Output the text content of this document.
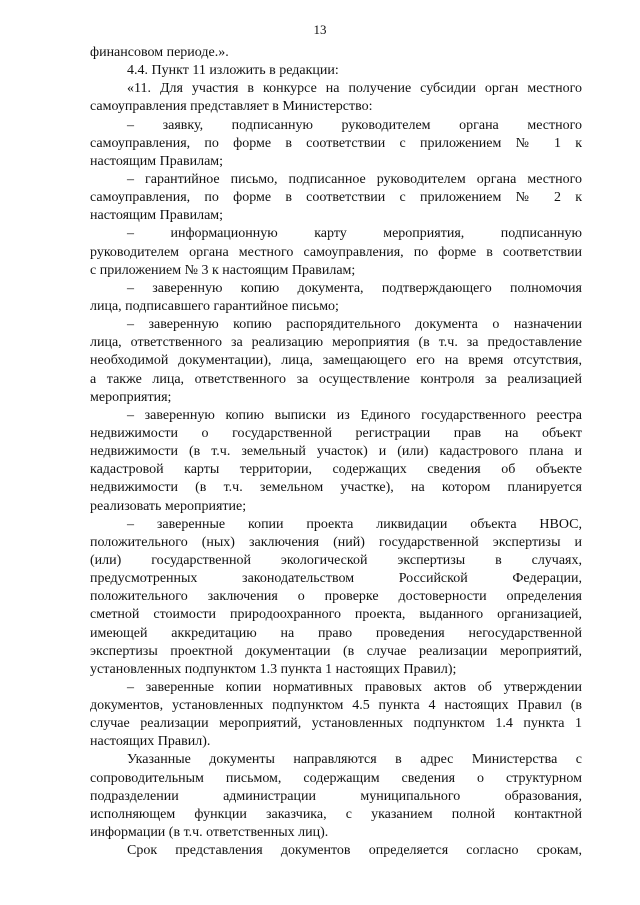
13
финансовом периоде.».
4.4. Пункт 11 изложить в редакции:
«11. Для участия в конкурсе на получение субсидии орган местного
самоуправления представляет в Министерство:
– заявку, подписанную руководителем органа местного
самоуправления, по форме в соответствии с приложением № 1 к
настоящим Правилам;
– гарантийное письмо, подписанное руководителем органа местного
самоуправления, по форме в соответствии с приложением № 2 к
настоящим Правилам;
– информационную карту мероприятия, подписанную
руководителем органа местного самоуправления, по форме в соответствии
с приложением № 3 к настоящим Правилам;
– заверенную копию документа, подтверждающего полномочия
лица, подписавшего гарантийное письмо;
– заверенную копию распорядительного документа о назначении
лица, ответственного за реализацию мероприятия (в т.ч. за предоставление
необходимой документации), лица, замещающего его на время отсутствия,
а также лица, ответственного за осуществление контроля за реализацией
мероприятия;
– заверенную копию выписки из Единого государственного реестра
недвижимости о государственной регистрации прав на объект
недвижимости (в т.ч. земельный участок) и (или) кадастрового плана и
кадастровой карты территории, содержащих сведения об объекте
недвижимости (в т.ч. земельном участке), на котором планируется
реализовать мероприятие;
– заверенные копии проекта ликвидации объекта НВОС,
положительного (ных) заключения (ний) государственной экспертизы и
(или) государственной экологической экспертизы в случаях,
предусмотренных законодательством Российской Федерации,
положительного заключения о проверке достоверности определения
сметной стоимости природоохранного проекта, выданного организацией,
имеющей аккредитацию на право проведения негосударственной
экспертизы проектной документации (в случае реализации мероприятий,
установленных подпунктом 1.3 пункта 1 настоящих Правил);
– заверенные копии нормативных правовых актов об утверждении
документов, установленных подпунктом 4.5 пункта 4 настоящих Правил (в
случае реализации мероприятий, установленных подпунктом 1.4 пункта 1
настоящих Правил).
Указанные документы направляются в адрес Министерства с
сопроводительным письмом, содержащим сведения о структурном
подразделении администрации муниципального образования,
исполняющем функции заказчика, с указанием полной контактной
информации (в т.ч. ответственных лиц).
Срок представления документов определяется согласно срокам,
